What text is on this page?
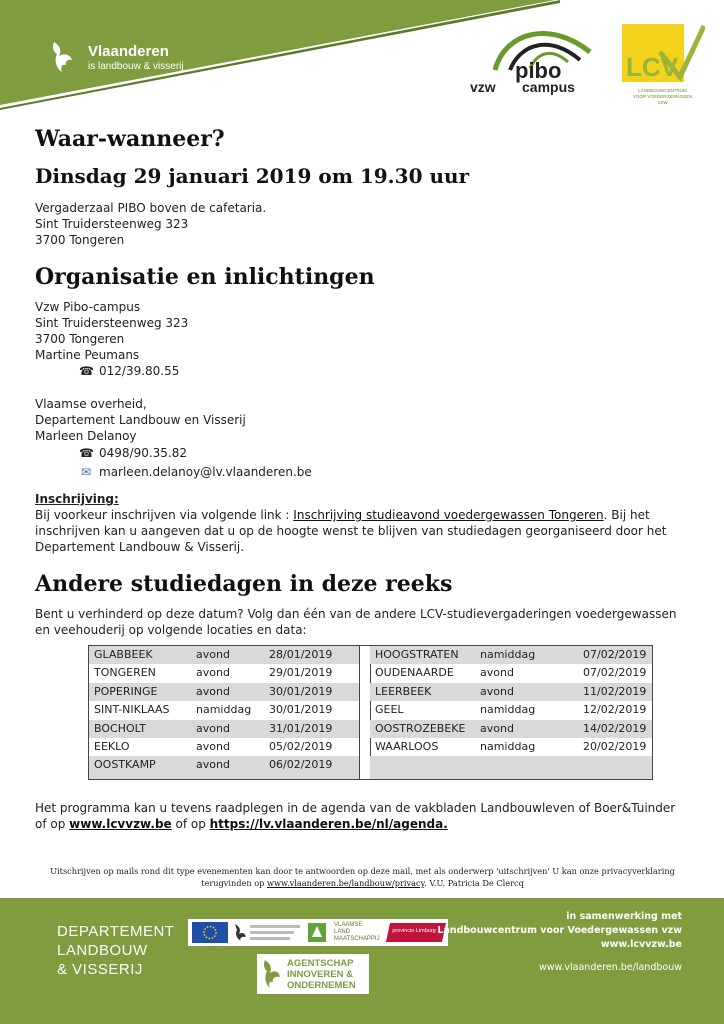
Vlaanderen
is landbouw & visserij
vzw
pibo
campus
LCV
LANDBOUWCENTRUM
VOOR VOEDERGEWASSEN
VZW
Waar-wanneer?
Dinsdag 29 januari 2019 om 19.30 uur
Vergaderzaal PIBO boven de cafetaria.
Sint Truidersteenweg 323
3700 Tongeren
Organisatie en inlichtingen
Vzw Pibo-campus
Sint Truidersteenweg 323
3700 Tongeren
Martine Peumans
☎ 012/39.80.55
Vlaamse overheid,
Departement Landbouw en Visserij
Marleen Delanoy
☎ 0498/90.35.82
✉ marleen.delanoy@lv.vlaanderen.be
Inschrijving:
Bij voorkeur inschrijven via volgende link : Inschrijving studieavond voedergewassen Tongeren. Bij het inschrijven kan u aangeven dat u op de hoogte wenst te blijven van studiedagen georganiseerd door het Departement Landbouw & Visserij.
Andere studiedagen in deze reeks
Bent u verhinderd op deze datum? Volg dan één van de andere LCV-studievergaderingen voedergewassen en veehouderij op volgende locaties en data:
GLABBEEK	avond	28/01/2019
TONGEREN	avond	29/01/2019
POPERINGE	avond	30/01/2019
SINT-NIKLAAS namiddag 30/01/2019
BOCHOLT	avond	31/01/2019
EEKLO	avond	05/02/2019
OOSTKAMP	avond	06/02/2019
HOOGSTRATEN namiddag	07/02/2019
OUDENAARDE avond	07/02/2019
LEERBEEK	avond	11/02/2019
GEEL	namiddag	12/02/2019
OOSTROZEBEKE avond	14/02/2019
WAARLOOS	namiddag	20/02/2019
Het programma kan u tevens raadplegen in de agenda van de vakbladen Landbouwleven of Boer&Tuinder of op www.lcvvzw.be of op https://lv.vlaanderen.be/nl/agenda.
Uitschrijven op mails rond dit type evenementen kan door te antwoorden op deze mail, met als onderwerp 'uitschrijven' U kan onze privacyverklaring terugvinden op www.vlaanderen.be/landbouw/privacy. V.U. Patricia De Clercq
DEPARTEMENT
LANDBOUW
& VISSERIJ
VLAAMSE
LAND
MAATSCHAPPIJ
provincie Limburg
AGENTSCHAP
INNOVEREN &
ONDERNEMEN
in samenwerking met
Landbouwcentrum voor Voedergewassen vzw
www.lcvvzw.be
www.vlaanderen.be/landbouw
